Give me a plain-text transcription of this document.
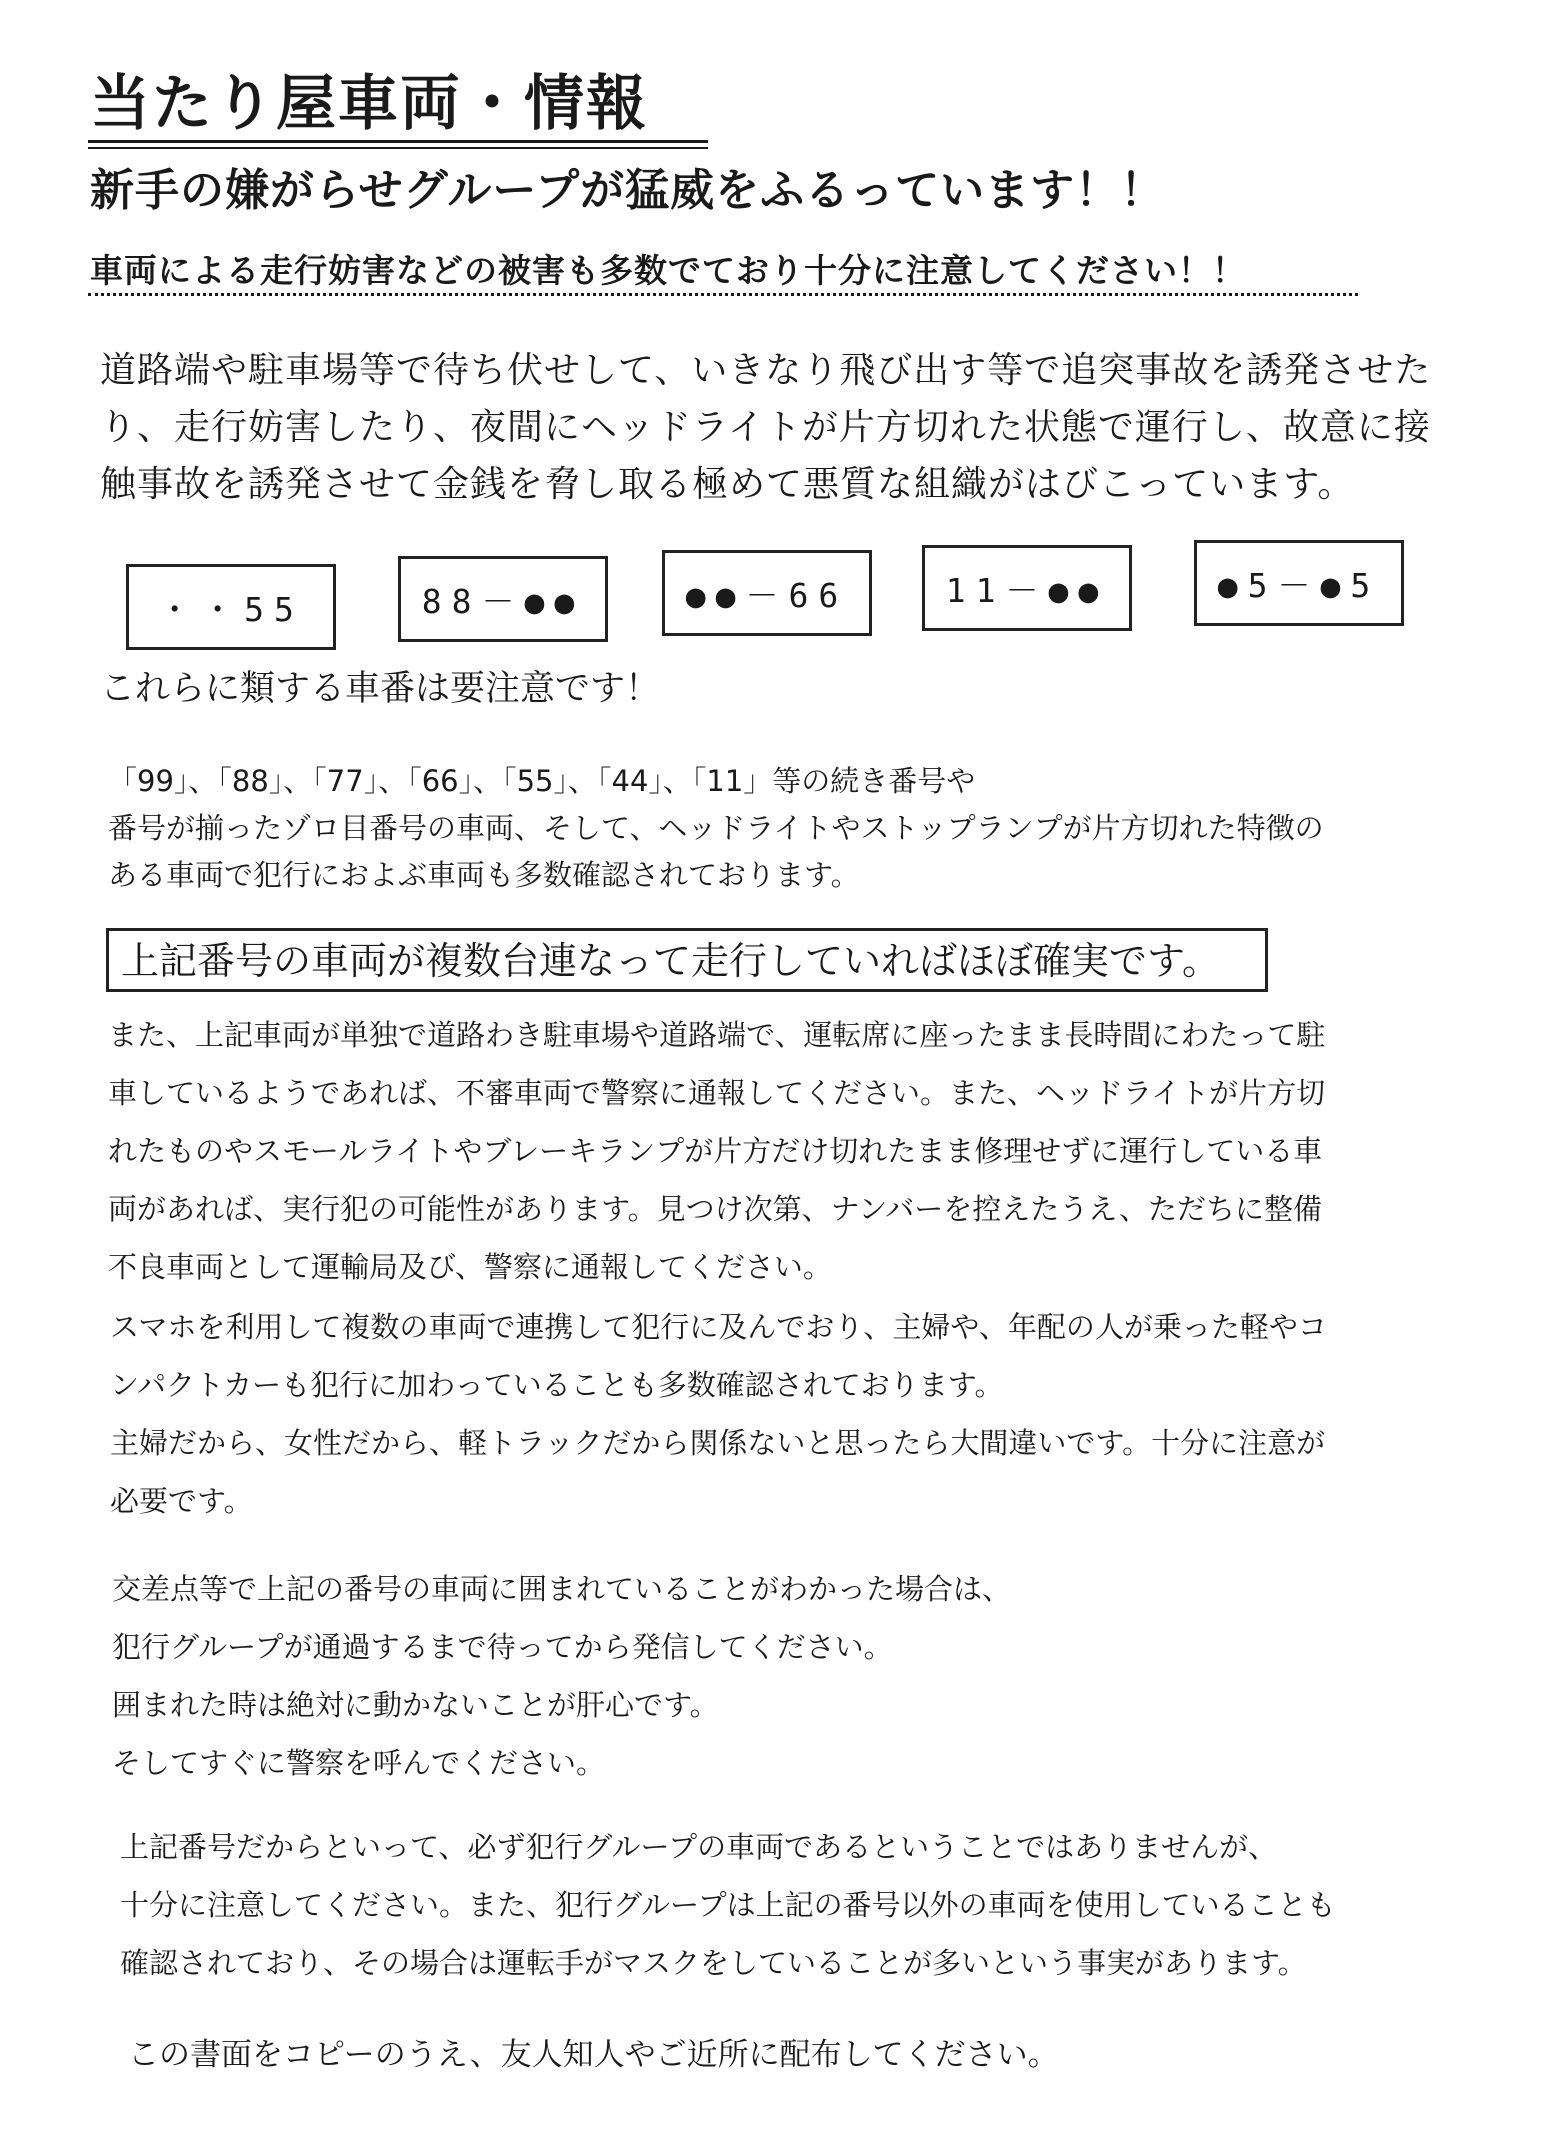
当たり屋車両・情報
新手の嫌がらせグループが猛威をふるっています！！
車両による走行妨害などの被害も多数でており十分に注意してください！！
道路端や駐車場等で待ち伏せして、いきなり飛び出す等で追突事故を誘発させた
り、走行妨害したり、夜間にヘッドライトが片方切れた状態で運行し、故意に接
触事故を誘発させて金銭を脅し取る極めて悪質な組織がはびこっています。
・・55	88－●●	●●－66	11－●●	●5－●5
これらに類する車番は要注意です！
「99」、「88」、「77」、「66」、「55」、「44」、「11」等の続き番号や
番号が揃ったゾロ目番号の車両、そして、ヘッドライトやストップランプが片方切れた特徴の
ある車両で犯行におよぶ車両も多数確認されております。
上記番号の車両が複数台連なって走行していればほぼ確実です。
また、上記車両が単独で道路わき駐車場や道路端で、運転席に座ったまま長時間にわたって駐
車しているようであれば、不審車両で警察に通報してください。また、ヘッドライトが片方切
れたものやスモールライトやブレーキランプが片方だけ切れたまま修理せずに運行している車
両があれば、実行犯の可能性があります。見つけ次第、ナンバーを控えたうえ、ただちに整備
不良車両として運輸局及び、警察に通報してください。
スマホを利用して複数の車両で連携して犯行に及んでおり、主婦や、年配の人が乗った軽やコ
ンパクトカーも犯行に加わっていることも多数確認されております。
主婦だから、女性だから、軽トラックだから関係ないと思ったら大間違いです。十分に注意が
必要です。
交差点等で上記の番号の車両に囲まれていることがわかった場合は、
犯行グループが通過するまで待ってから発信してください。
囲まれた時は絶対に動かないことが肝心です。
そしてすぐに警察を呼んでください。
上記番号だからといって、必ず犯行グループの車両であるということではありませんが、
十分に注意してください。また、犯行グループは上記の番号以外の車両を使用していることも
確認されており、その場合は運転手がマスクをしていることが多いという事実があります。
この書面をコピーのうえ、友人知人やご近所に配布してください。
